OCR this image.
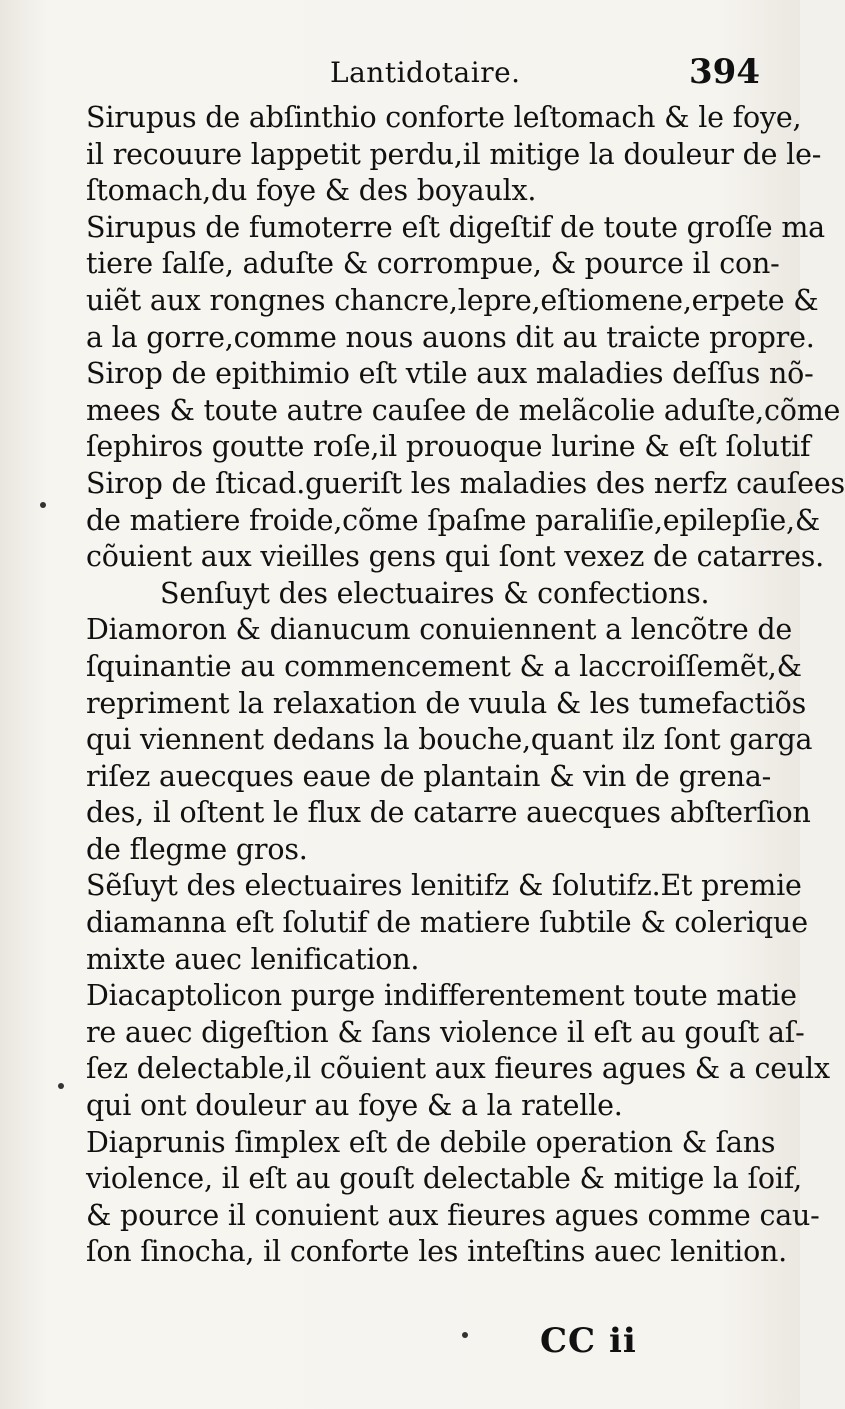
Lantidotaire.	394
Sirupus de abſinthio conforte leſtomach & le foye,
il recouure lappetit perdu,il mitige la douleur de le-
ſtomach,du foye & des boyaulx.
Sirupus de fumoterre eſt digeſtif de toute groſſe ma
tiere ſalſe, aduſte & corrompue, & pource il con-
uiẽt aux rongnes chancre,lepre,eſtiomene,erpete &
a la gorre,comme nous auons dit au traicte propre.
Sirop de epithimio eſt vtile aux maladies deſſus nõ-
mees & toute autre cauſee de melãcolie aduſte,cõme
ſephiros goutte roſe,il prouoque lurine & eſt ſolutif
Sirop de ſticad.gueriſt les maladies des nerfz cauſees
de matiere froide,cõme ſpaſme paraliſie,epilepſie,&
cõuient aux vieilles gens qui ſont vexez de catarres.
Senſuyt des electuaires & confections.
Diamoron & dianucum conuiennent a lencõtre de
ſquinantie au commencement & a laccroiſſemẽt,&
repriment la relaxation de vuula & les tumefactiõs
qui viennent dedans la bouche,quant ilz ſont garga
riſez auecques eaue de plantain & vin de grena-
des, il oſtent le flux de catarre auecques abſterſion
de flegme gros.
Sẽſuyt des electuaires lenitifz & ſolutifz.Et premie
diamanna eſt ſolutif de matiere ſubtile & colerique
mixte auec lenification.
Diacaptolicon purge indifferentement toute matie
re auec digeſtion & ſans violence il eſt au gouſt aſ-
ſez delectable,il cõuient aux fieures agues & a ceulx
qui ont douleur au foye & a la ratelle.
Diaprunis ſimplex eſt de debile operation & ſans
violence, il eſt au gouſt delectable & mitige la ſoif,
& pource il conuient aux fieures agues comme cau-
ſon ſinocha, il conforte les inteſtins auec lenition.
CC ii
